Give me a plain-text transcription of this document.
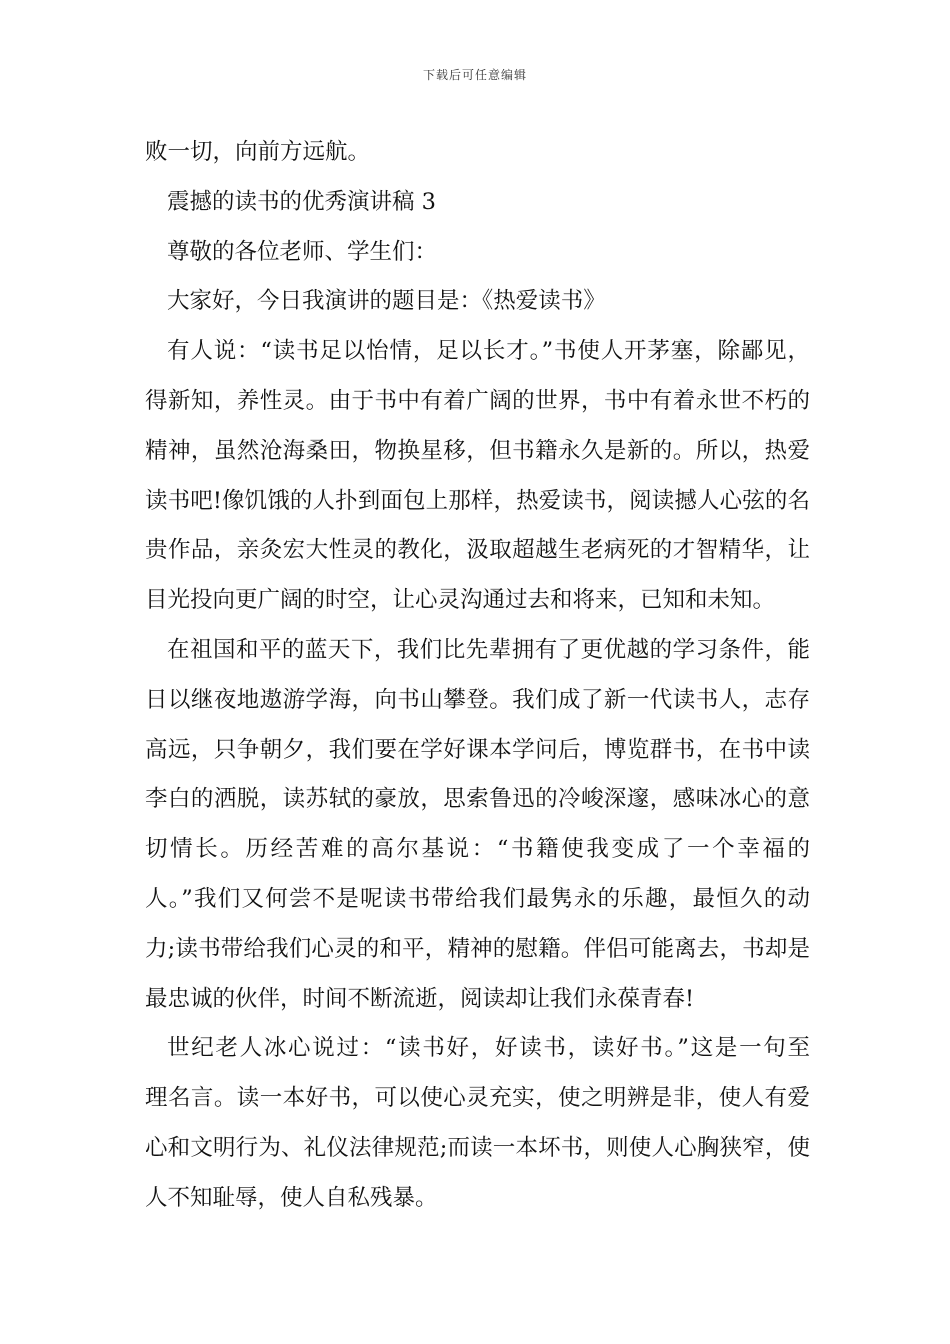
下载后可任意编辑
败一切，向前方远航。
震撼的读书的优秀演讲稿 3
尊敬的各位老师、学生们：
大家好，今日我演讲的题目是：《热爱读书》
有人说：“读书足以怡情，足以长才。”书使人开茅塞，除鄙见，
得新知，养性灵。由于书中有着广阔的世界，书中有着永世不朽的
精神，虽然沧海桑田，物换星移，但书籍永久是新的。所以，热爱
读书吧!像饥饿的人扑到面包上那样，热爱读书，阅读撼人心弦的名
贵作品，亲灸宏大性灵的教化，汲取超越生老病死的才智精华，让
目光投向更广阔的时空，让心灵沟通过去和将来，已知和未知。
在祖国和平的蓝天下，我们比先辈拥有了更优越的学习条件，能
日以继夜地遨游学海，向书山攀登。我们成了新一代读书人，志存
高远，只争朝夕，我们要在学好课本学问后，博览群书，在书中读
李白的洒脱，读苏轼的豪放，思索鲁迅的冷峻深邃，感味冰心的意
切情长。历经苦难的高尔基说：“书籍使我变成了一个幸福的
人。”我们又何尝不是呢读书带给我们最隽永的乐趣，最恒久的动
力;读书带给我们心灵的和平，精神的慰籍。伴侣可能离去，书却是
最忠诚的伙伴，时间不断流逝，阅读却让我们永葆青春!
世纪老人冰心说过：“读书好，好读书，读好书。”这是一句至
理名言。读一本好书，可以使心灵充实，使之明辨是非，使人有爱
心和文明行为、礼仪法律规范;而读一本坏书，则使人心胸狭窄，使
人不知耻辱，使人自私残暴。
